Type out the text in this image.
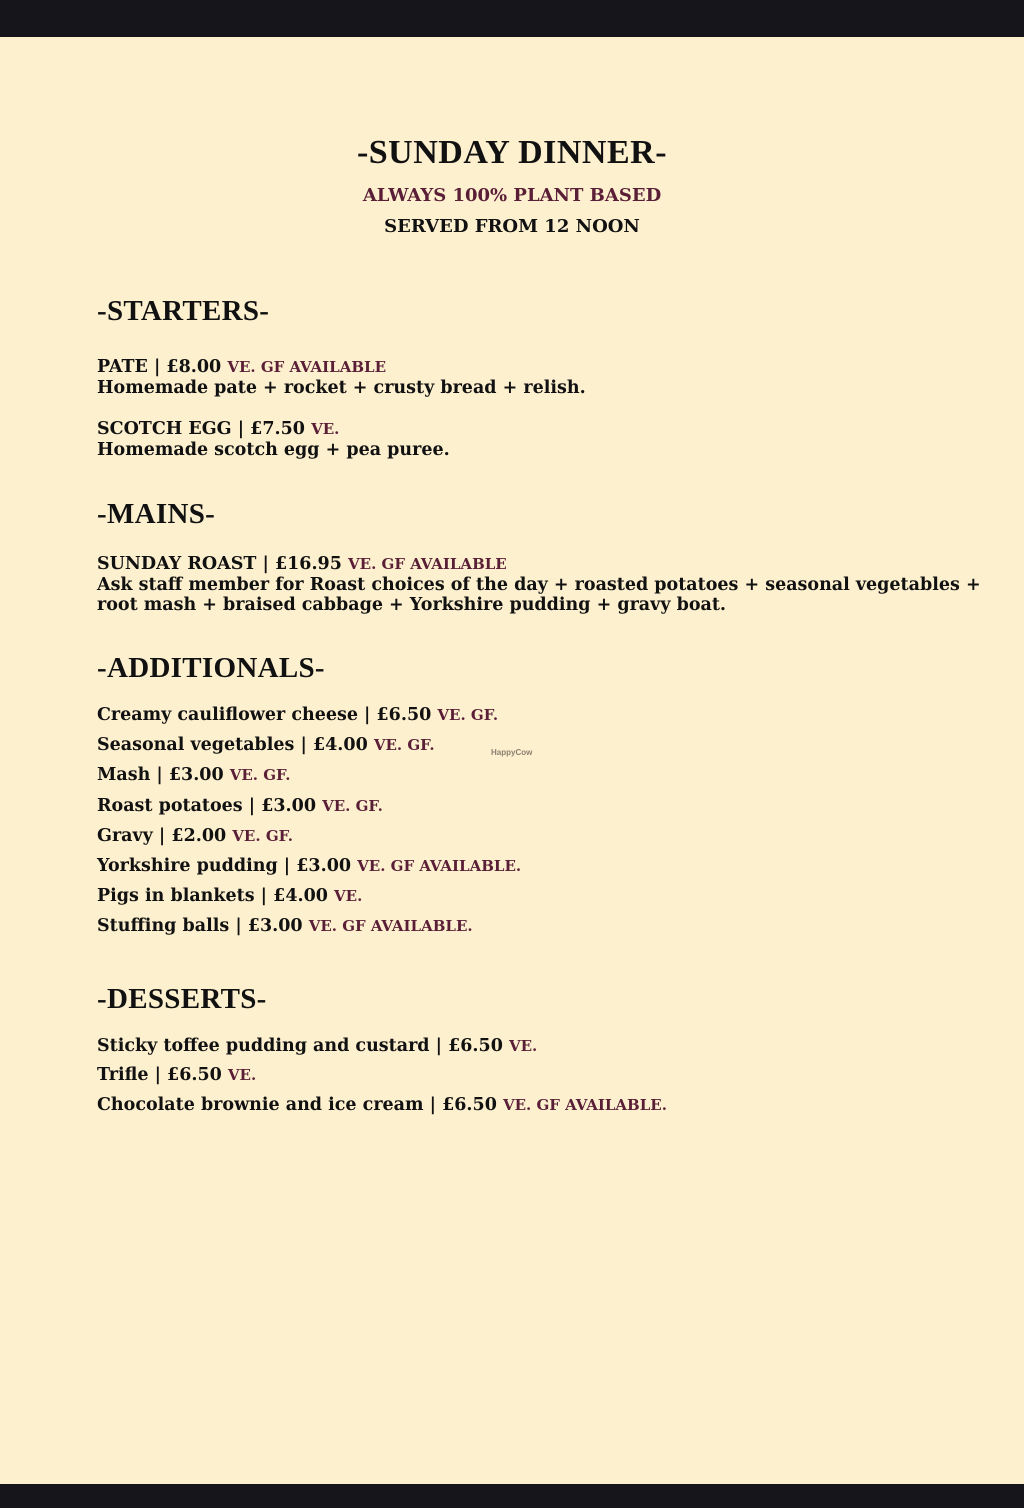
-SUNDAY DINNER-
ALWAYS 100% PLANT BASED
SERVED FROM 12 NOON
-STARTERS-
PATE | £8.00 VE. GF AVAILABLE
Homemade pate + rocket + crusty bread + relish.
SCOTCH EGG | £7.50 VE.
Homemade scotch egg + pea puree.
-MAINS-
SUNDAY ROAST | £16.95 VE. GF AVAILABLE
Ask staff member for Roast choices of the day + roasted potatoes + seasonal vegetables +
root mash + braised cabbage + Yorkshire pudding + gravy boat.
-ADDITIONALS-
Creamy cauliflower cheese | £6.50 VE. GF.
Seasonal vegetables | £4.00 VE. GF.
Mash | £3.00 VE. GF.
Roast potatoes | £3.00 VE. GF.
Gravy | £2.00 VE. GF.
Yorkshire pudding | £3.00 VE. GF AVAILABLE.
Pigs in blankets | £4.00 VE.
Stuffing balls | £3.00 VE. GF AVAILABLE.
HappyCow
-DESSERTS-
Sticky toffee pudding and custard | £6.50 VE.
Trifle | £6.50 VE.
Chocolate brownie and ice cream | £6.50 VE. GF AVAILABLE.
